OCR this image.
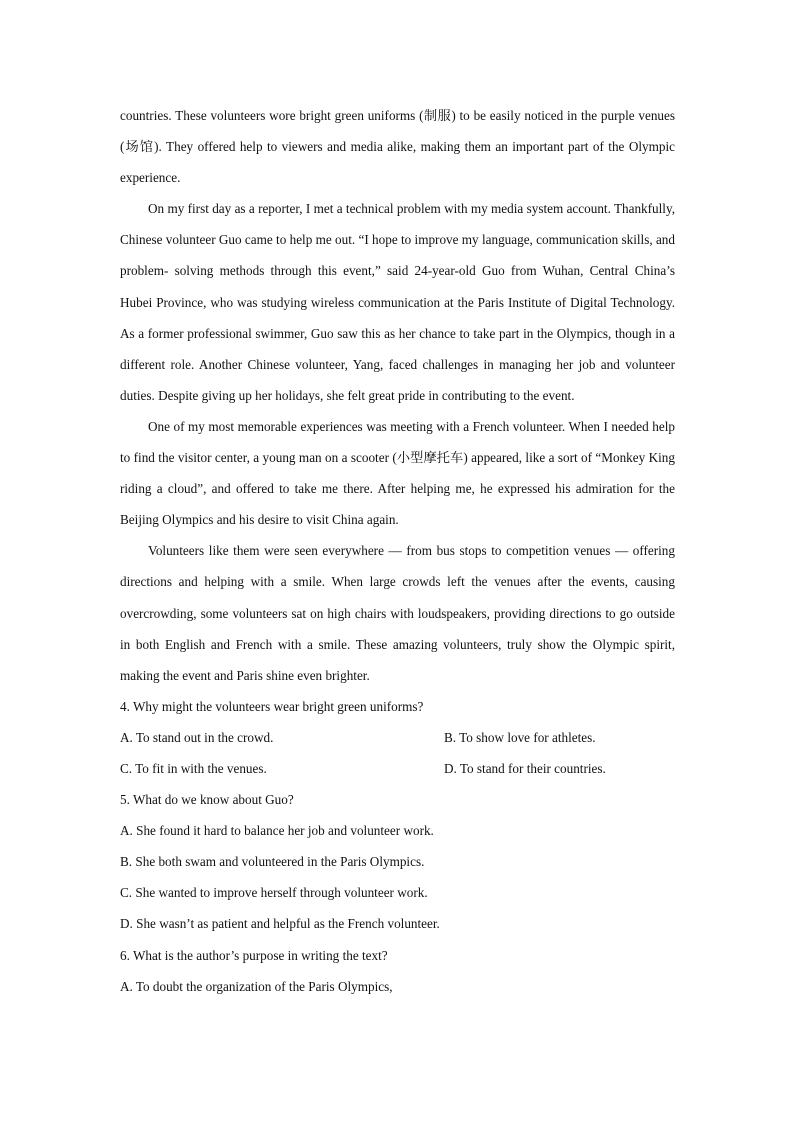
countries. These volunteers wore bright green uniforms (制服) to be easily noticed in the purple venues (场馆). They offered help to viewers and media alike, making them an important part of the Olympic experience.

On my first day as a reporter, I met a technical problem with my media system account. Thankfully, Chinese volunteer Guo came to help me out. “I hope to improve my language, communication skills, and problem- solving methods through this event,” said 24-year-old Guo from Wuhan, Central China’s Hubei Province, who was studying wireless communication at the Paris Institute of Digital Technology. As a former professional swimmer, Guo saw this as her chance to take part in the Olympics, though in a different role. Another Chinese volunteer, Yang, faced challenges in managing her job and volunteer duties. Despite giving up her holidays, she felt great pride in contributing to the event.

One of my most memorable experiences was meeting with a French volunteer. When I needed help to find the visitor center, a young man on a scooter (小型摩托车) appeared, like a sort of “Monkey King riding a cloud”, and offered to take me there. After helping me, he expressed his admiration for the Beijing Olympics and his desire to visit China again.

Volunteers like them were seen everywhere — from bus stops to competition venues — offering directions and helping with a smile. When large crowds left the venues after the events, causing overcrowding, some volunteers sat on high chairs with loudspeakers, providing directions to go outside in both English and French with a smile. These amazing volunteers, truly show the Olympic spirit, making the event and Paris shine even brighter.

4. Why might the volunteers wear bright green uniforms?

A. To stand out in the crowd.	B. To show love for athletes.

C. To fit in with the venues.	D. To stand for their countries.

5. What do we know about Guo?

A. She found it hard to balance her job and volunteer work.

B. She both swam and volunteered in the Paris Olympics.

C. She wanted to improve herself through volunteer work.

D. She wasn’t as patient and helpful as the French volunteer.

6. What is the author’s purpose in writing the text?

A. To doubt the organization of the Paris Olympics,
